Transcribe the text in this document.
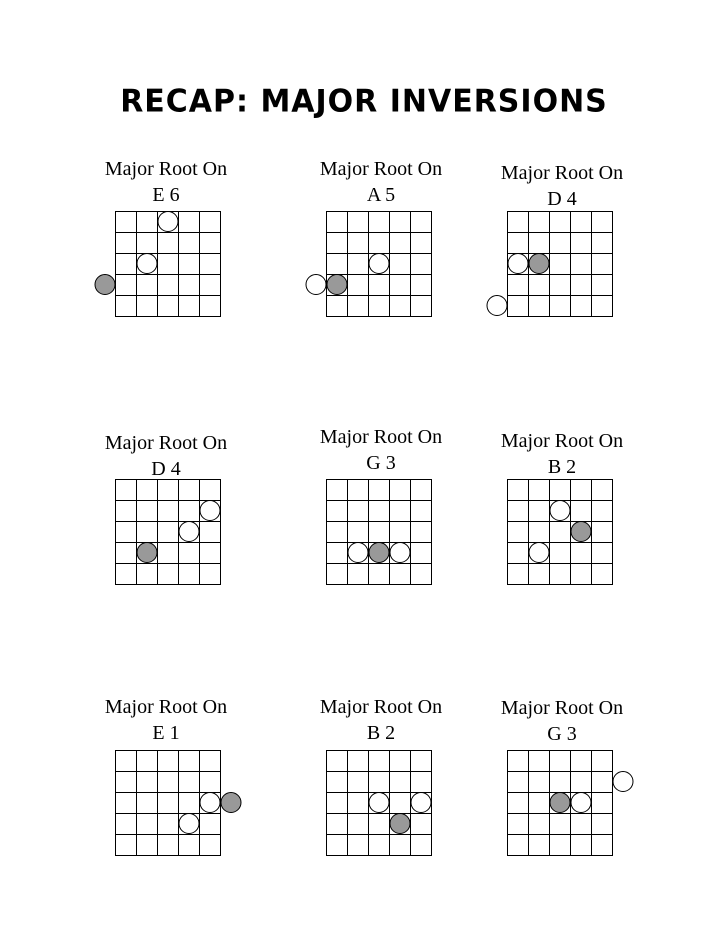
RECAP: MAJOR INVERSIONS
Major Root On
E 6
Major Root On
A 5
Major Root On
D 4
Major Root On
D 4
Major Root On
G 3
Major Root On
B 2
Major Root On
E 1
Major Root On
B 2
Major Root On
G 3
